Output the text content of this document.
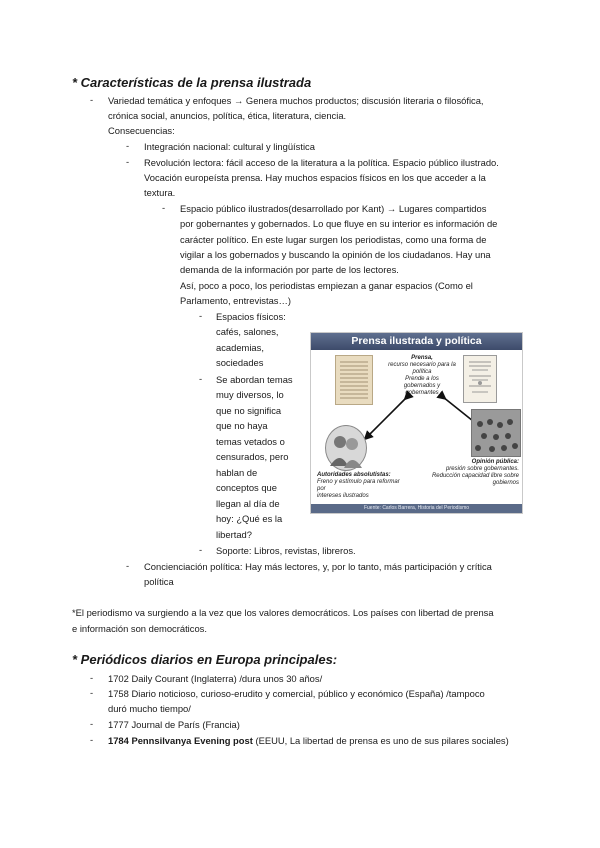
* Características de la prensa ilustrada
- Variedad temática y enfoques → Genera muchos productos; discusión literaria o filosófica,
crónica social, anuncios, política, ética, literatura, ciencia.
Consecuencias:
- Integración nacional: cultural y lingüística
- Revolución lectora: fácil acceso de la literatura a la política. Espacio público ilustrado.
Vocación europeísta prensa. Hay muchos espacios físicos en los que acceder a la
textura.
- Espacio público ilustrados(desarrollado por Kant) → Lugares compartidos
por gobernantes y gobernados. Lo que fluye en su interior es información de
carácter político. En este lugar surgen los periodistas, como una forma de
vigilar a los gobernados y buscando la opinión de los ciudadanos. Hay una
demanda de la información por parte de los lectores.
Así, poco a poco, los periodistas empiezan a ganar espacios (Como el
Parlamento, entrevistas…)
- Espacios físicos:
cafés, salones,
academias,
sociedades
- Se abordan temas
muy diversos, lo
que no significa
que no haya
temas vetados o
censurados, pero
hablan de
conceptos que
llegan al día de
hoy: ¿Qué es la
libertad?
- Soporte: Libros, revistas, libreros.
- Concienciación política: Hay más lectores, y, por lo tanto, más participación y crítica
política
*El periodismo va surgiendo a la vez que los valores democráticos. Los países con libertad de prensa
e información son democráticos.
* Periódicos diarios en Europa principales:
- 1702 Daily Courant (Inglaterra) /dura unos 30 años/
- 1758 Diario noticioso, curioso-erudito y comercial, público y económico (España) /tampoco
duró mucho tiempo/
- 1777 Journal de París (Francia)
- 1784 Pennsilvanya Evening post (EEUU, La libertad de prensa es uno de sus pilares sociales)
Prensa ilustrada y política
Prensa,
recurso necesario para la
política
Prende a los
gobernados y
gobernantes
Autoridades absolutistas:
Freno y estímulo para reformar por
intereses ilustrados
Opinión pública:
presión sobre gobernantes.
Reducción capacidad libre sobre
gobiernos
Fuente: Carlos Barrera, Historia del Periodismo
